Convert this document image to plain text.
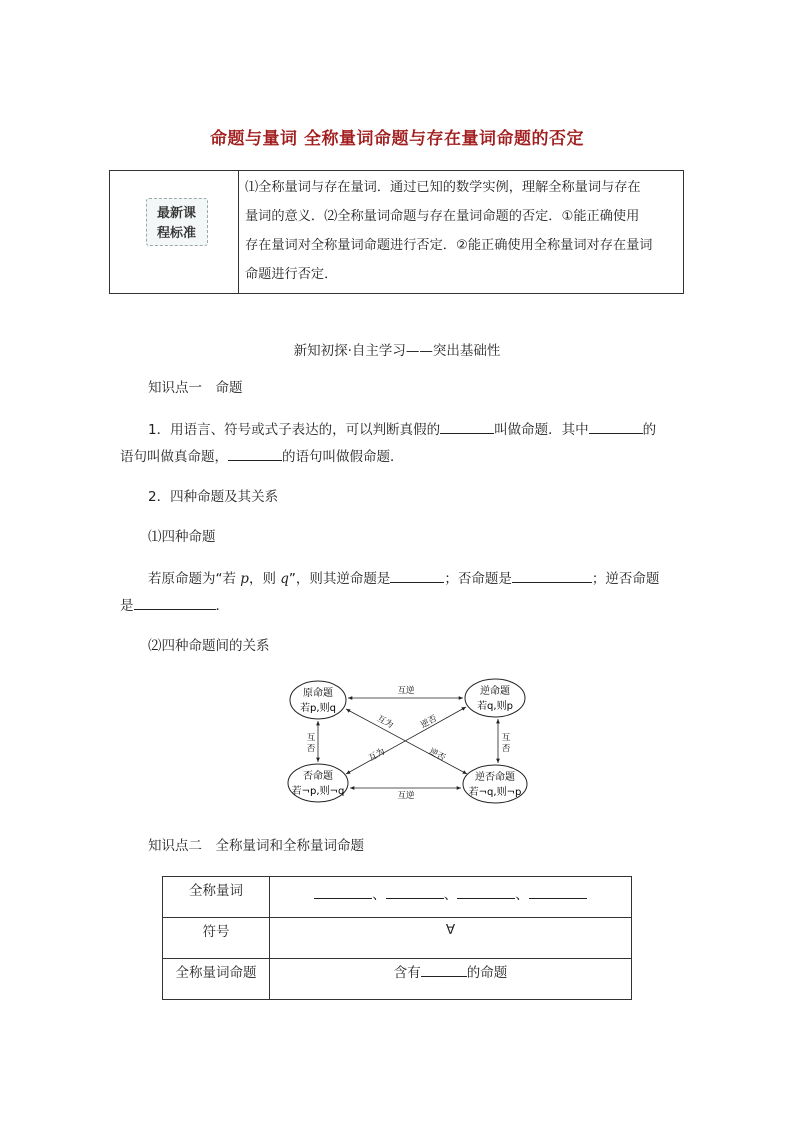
命题与量词 全称量词命题与存在量词命题的否定
最新课
程标准
⑴全称量词与存在量词．通过已知的数学实例，理解全称量词与存在
量词的意义．⑵全称量词命题与存在量词命题的否定．①能正确使用
存在量词对全称量词命题进行否定．②能正确使用全称量词对存在量词
命题进行否定．
新知初探·自主学习——突出基础性
知识点一　命题
1．用语言、符号或式子表达的，可以判断真假的	叫做命题．其中	的
语句叫做真命题，	的语句叫做假命题．
2．四种命题及其关系
⑴四种命题
若原命题为“若 p，则 q”，则其逆命题是	；否命题是	；逆否命题
是	．
⑵四种命题间的关系
原命题
若p,则q
逆命题
若q,则p
否命题
若¬p,则¬q
逆否命题
若¬q,则¬p
互逆
互逆
互
否
互
否
互为
逆否
逆否
互为
知识点二　全称量词和全称量词命题
全称量词	、	、	、
符号	∀
全称量词命题	含有	的命题
